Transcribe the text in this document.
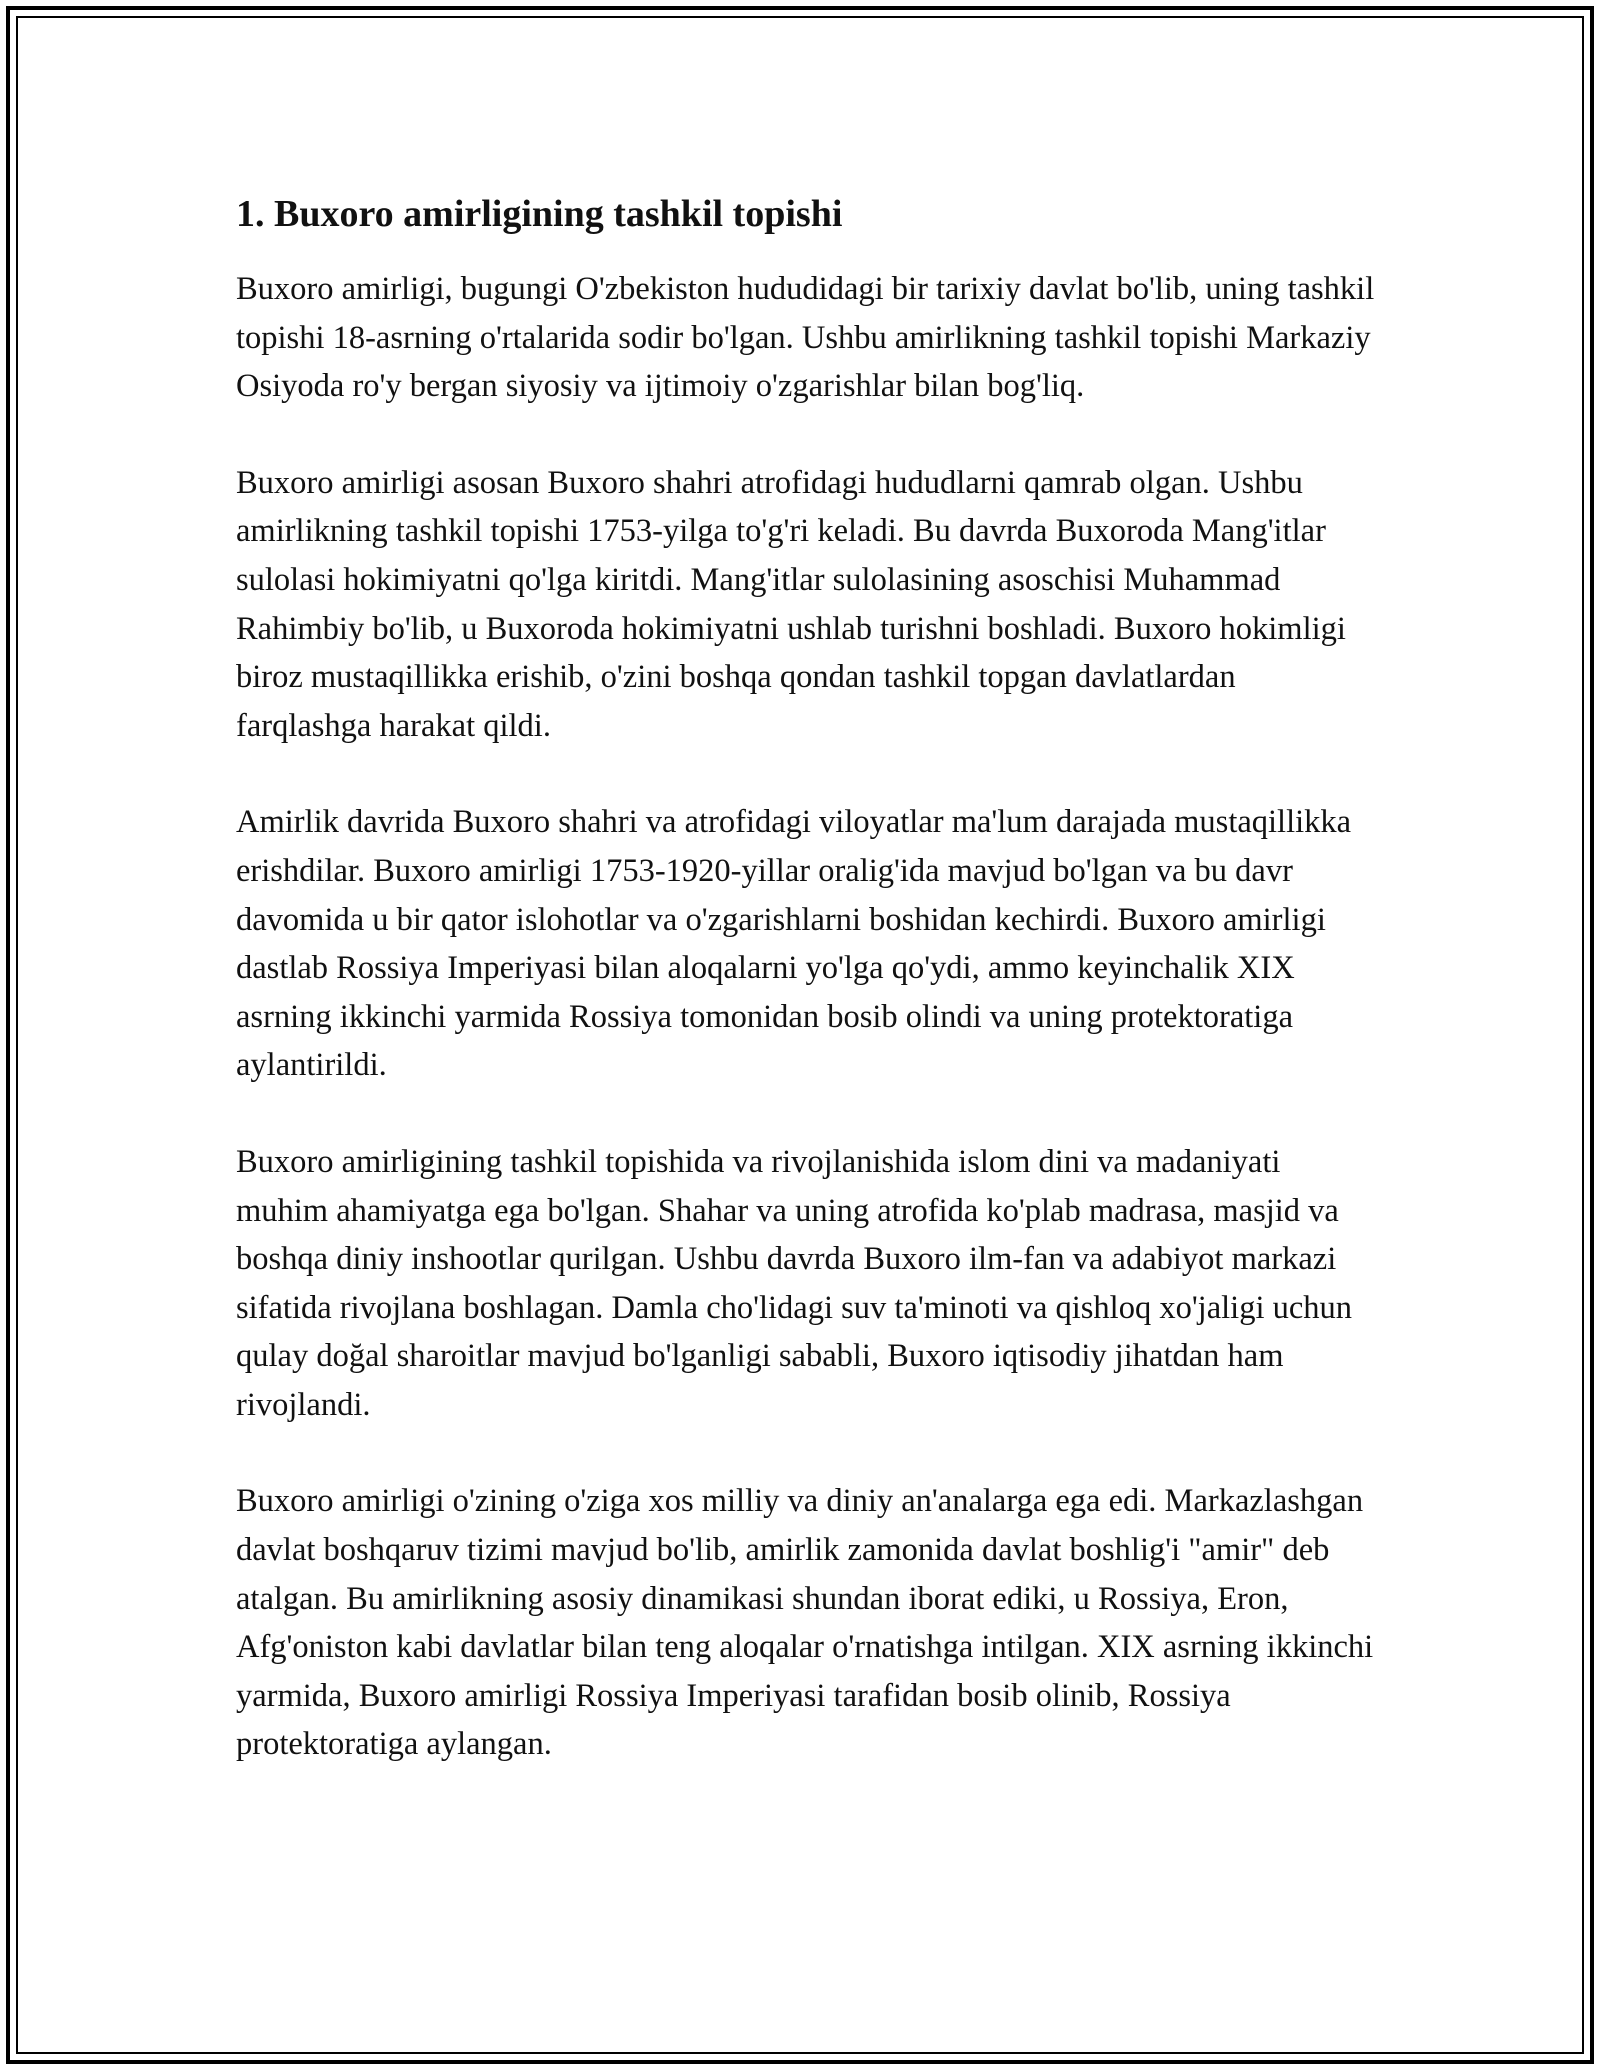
1. Buxoro amirligining tashkil topishi

Buxoro amirligi, bugungi O'zbekiston hududidagi bir tarixiy davlat bo'lib, uning tashkil topishi 18-asrning o'rtalarida sodir bo'lgan. Ushbu amirlikning tashkil topishi Markaziy Osiyoda ro'y bergan siyosiy va ijtimoiy o'zgarishlar bilan bog'liq.

Buxoro amirligi asosan Buxoro shahri atrofidagi hududlarni qamrab olgan. Ushbu amirlikning tashkil topishi 1753-yilga to'g'ri keladi. Bu davrda Buxoroda Mang'itlar sulolasi hokimiyatni qo'lga kiritdi. Mang'itlar sulolasining asoschisi Muhammad Rahimbiy bo'lib, u Buxoroda hokimiyatni ushlab turishni boshladi. Buxoro hokimligi biroz mustaqillikka erishib, o'zini boshqa qondan tashkil topgan davlatlardan farqlashga harakat qildi.

Amirlik davrida Buxoro shahri va atrofidagi viloyatlar ma'lum darajada mustaqillikka erishdilar. Buxoro amirligi 1753-1920-yillar oralig'ida mavjud bo'lgan va bu davr davomida u bir qator islohotlar va o'zgarishlarni boshidan kechirdi. Buxoro amirligi dastlab Rossiya Imperiyasi bilan aloqalarni yo'lga qo'ydi, ammo keyinchalik XIX asrning ikkinchi yarmida Rossiya tomonidan bosib olindi va uning protektoratiga aylantirildi.

Buxoro amirligining tashkil topishida va rivojlanishida islom dini va madaniyati muhim ahamiyatga ega bo'lgan. Shahar va uning atrofida ko'plab madrasa, masjid va boshqa diniy inshootlar qurilgan. Ushbu davrda Buxoro ilm-fan va adabiyot markazi sifatida rivojlana boshlagan. Damla cho'lidagi suv ta'minoti va qishloq xo'jaligi uchun qulay doğal sharoitlar mavjud bo'lganligi sababli, Buxoro iqtisodiy jihatdan ham rivojlandi.

Buxoro amirligi o'zining o'ziga xos milliy va diniy an'analarga ega edi. Markazlashgan davlat boshqaruv tizimi mavjud bo'lib, amirlik zamonida davlat boshlig'i "amir" deb atalgan. Bu amirlikning asosiy dinamikasi shundan iborat ediki, u Rossiya, Eron, Afg'oniston kabi davlatlar bilan teng aloqalar o'rnatishga intilgan. XIX asrning ikkinchi yarmida, Buxoro amirligi Rossiya Imperiyasi tarafidan bosib olinib, Rossiya protektoratiga aylangan.
